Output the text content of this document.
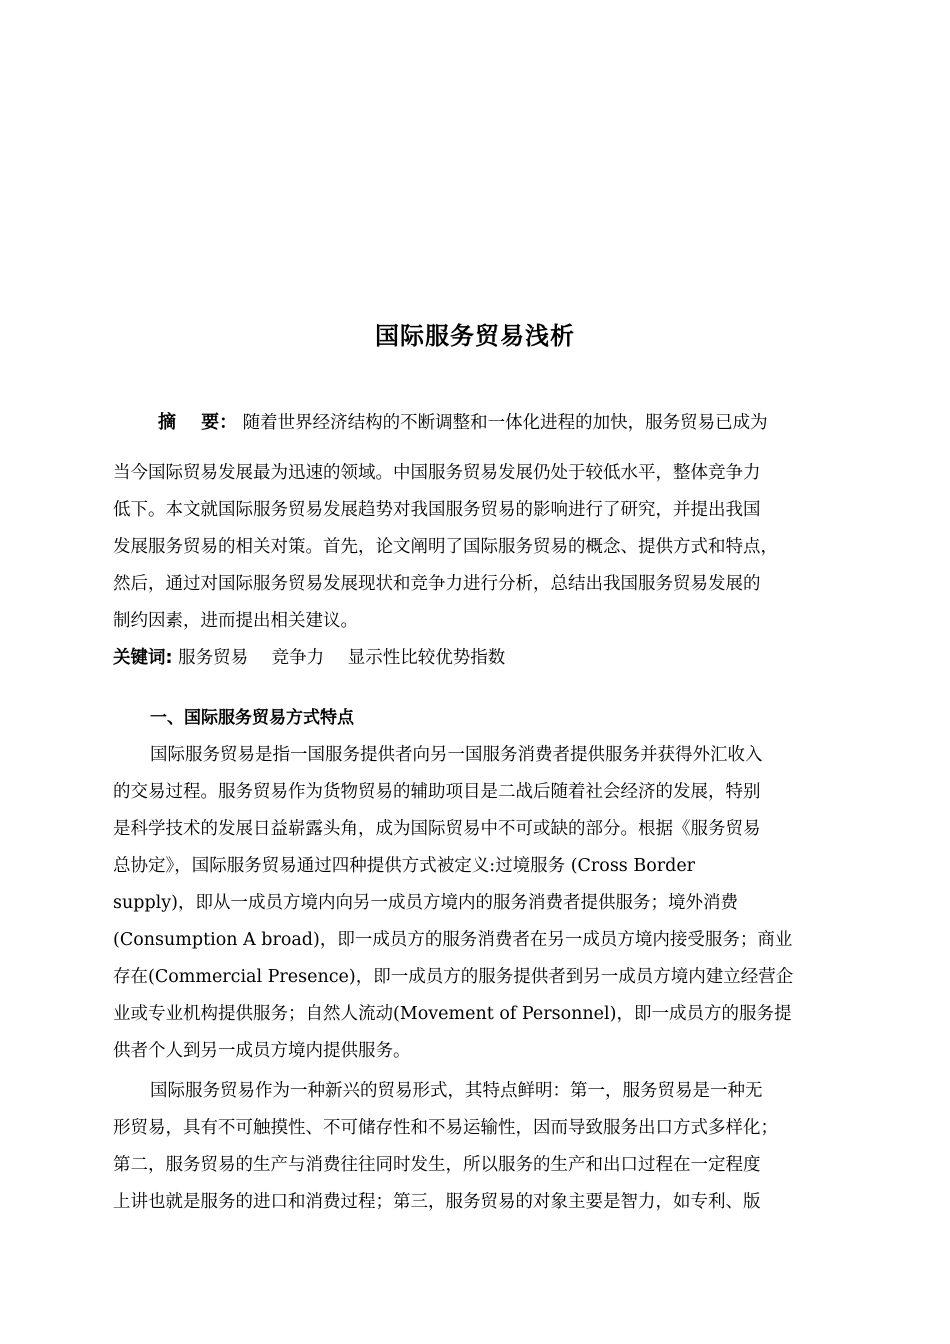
国际服务贸易浅析
摘    要： 随着世界经济结构的不断调整和一体化进程的加快，服务贸易已成为
当今国际贸易发展最为迅速的领域。中国服务贸易发展仍处于较低水平，整体竞争力
低下。本文就国际服务贸易发展趋势对我国服务贸易的影响进行了研究，并提出我国
发展服务贸易的相关对策。首先，论文阐明了国际服务贸易的概念、提供方式和特点，
然后，通过对国际服务贸易发展现状和竞争力进行分析，总结出我国服务贸易发展的
制约因素，进而提出相关建议。
关键词: 服务贸易 竞争力 显示性比较优势指数
一、国际服务贸易方式特点
国际服务贸易是指一国服务提供者向另一国服务消费者提供服务并获得外汇收入
的交易过程。服务贸易作为货物贸易的辅助项目是二战后随着社会经济的发展，特别
是科学技术的发展日益崭露头角，成为国际贸易中不可或缺的部分。根据《服务贸易
总协定》，国际服务贸易通过四种提供方式被定义:过境服务 (Cross Border
supply)，即从一成员方境内向另一成员方境内的服务消费者提供服务；境外消费
(Consumption A broad)，即一成员方的服务消费者在另一成员方境内接受服务；商业
存在(Commercial Presence)，即一成员方的服务提供者到另一成员方境内建立经营企
业或专业机构提供服务；自然人流动(Movement of Personnel)，即一成员方的服务提
供者个人到另一成员方境内提供服务。
国际服务贸易作为一种新兴的贸易形式，其特点鲜明：第一，服务贸易是一种无
形贸易，具有不可触摸性、不可储存性和不易运输性，因而导致服务出口方式多样化；
第二，服务贸易的生产与消费往往同时发生，所以服务的生产和出口过程在一定程度
上讲也就是服务的进口和消费过程；第三，服务贸易的对象主要是智力，如专利、版
